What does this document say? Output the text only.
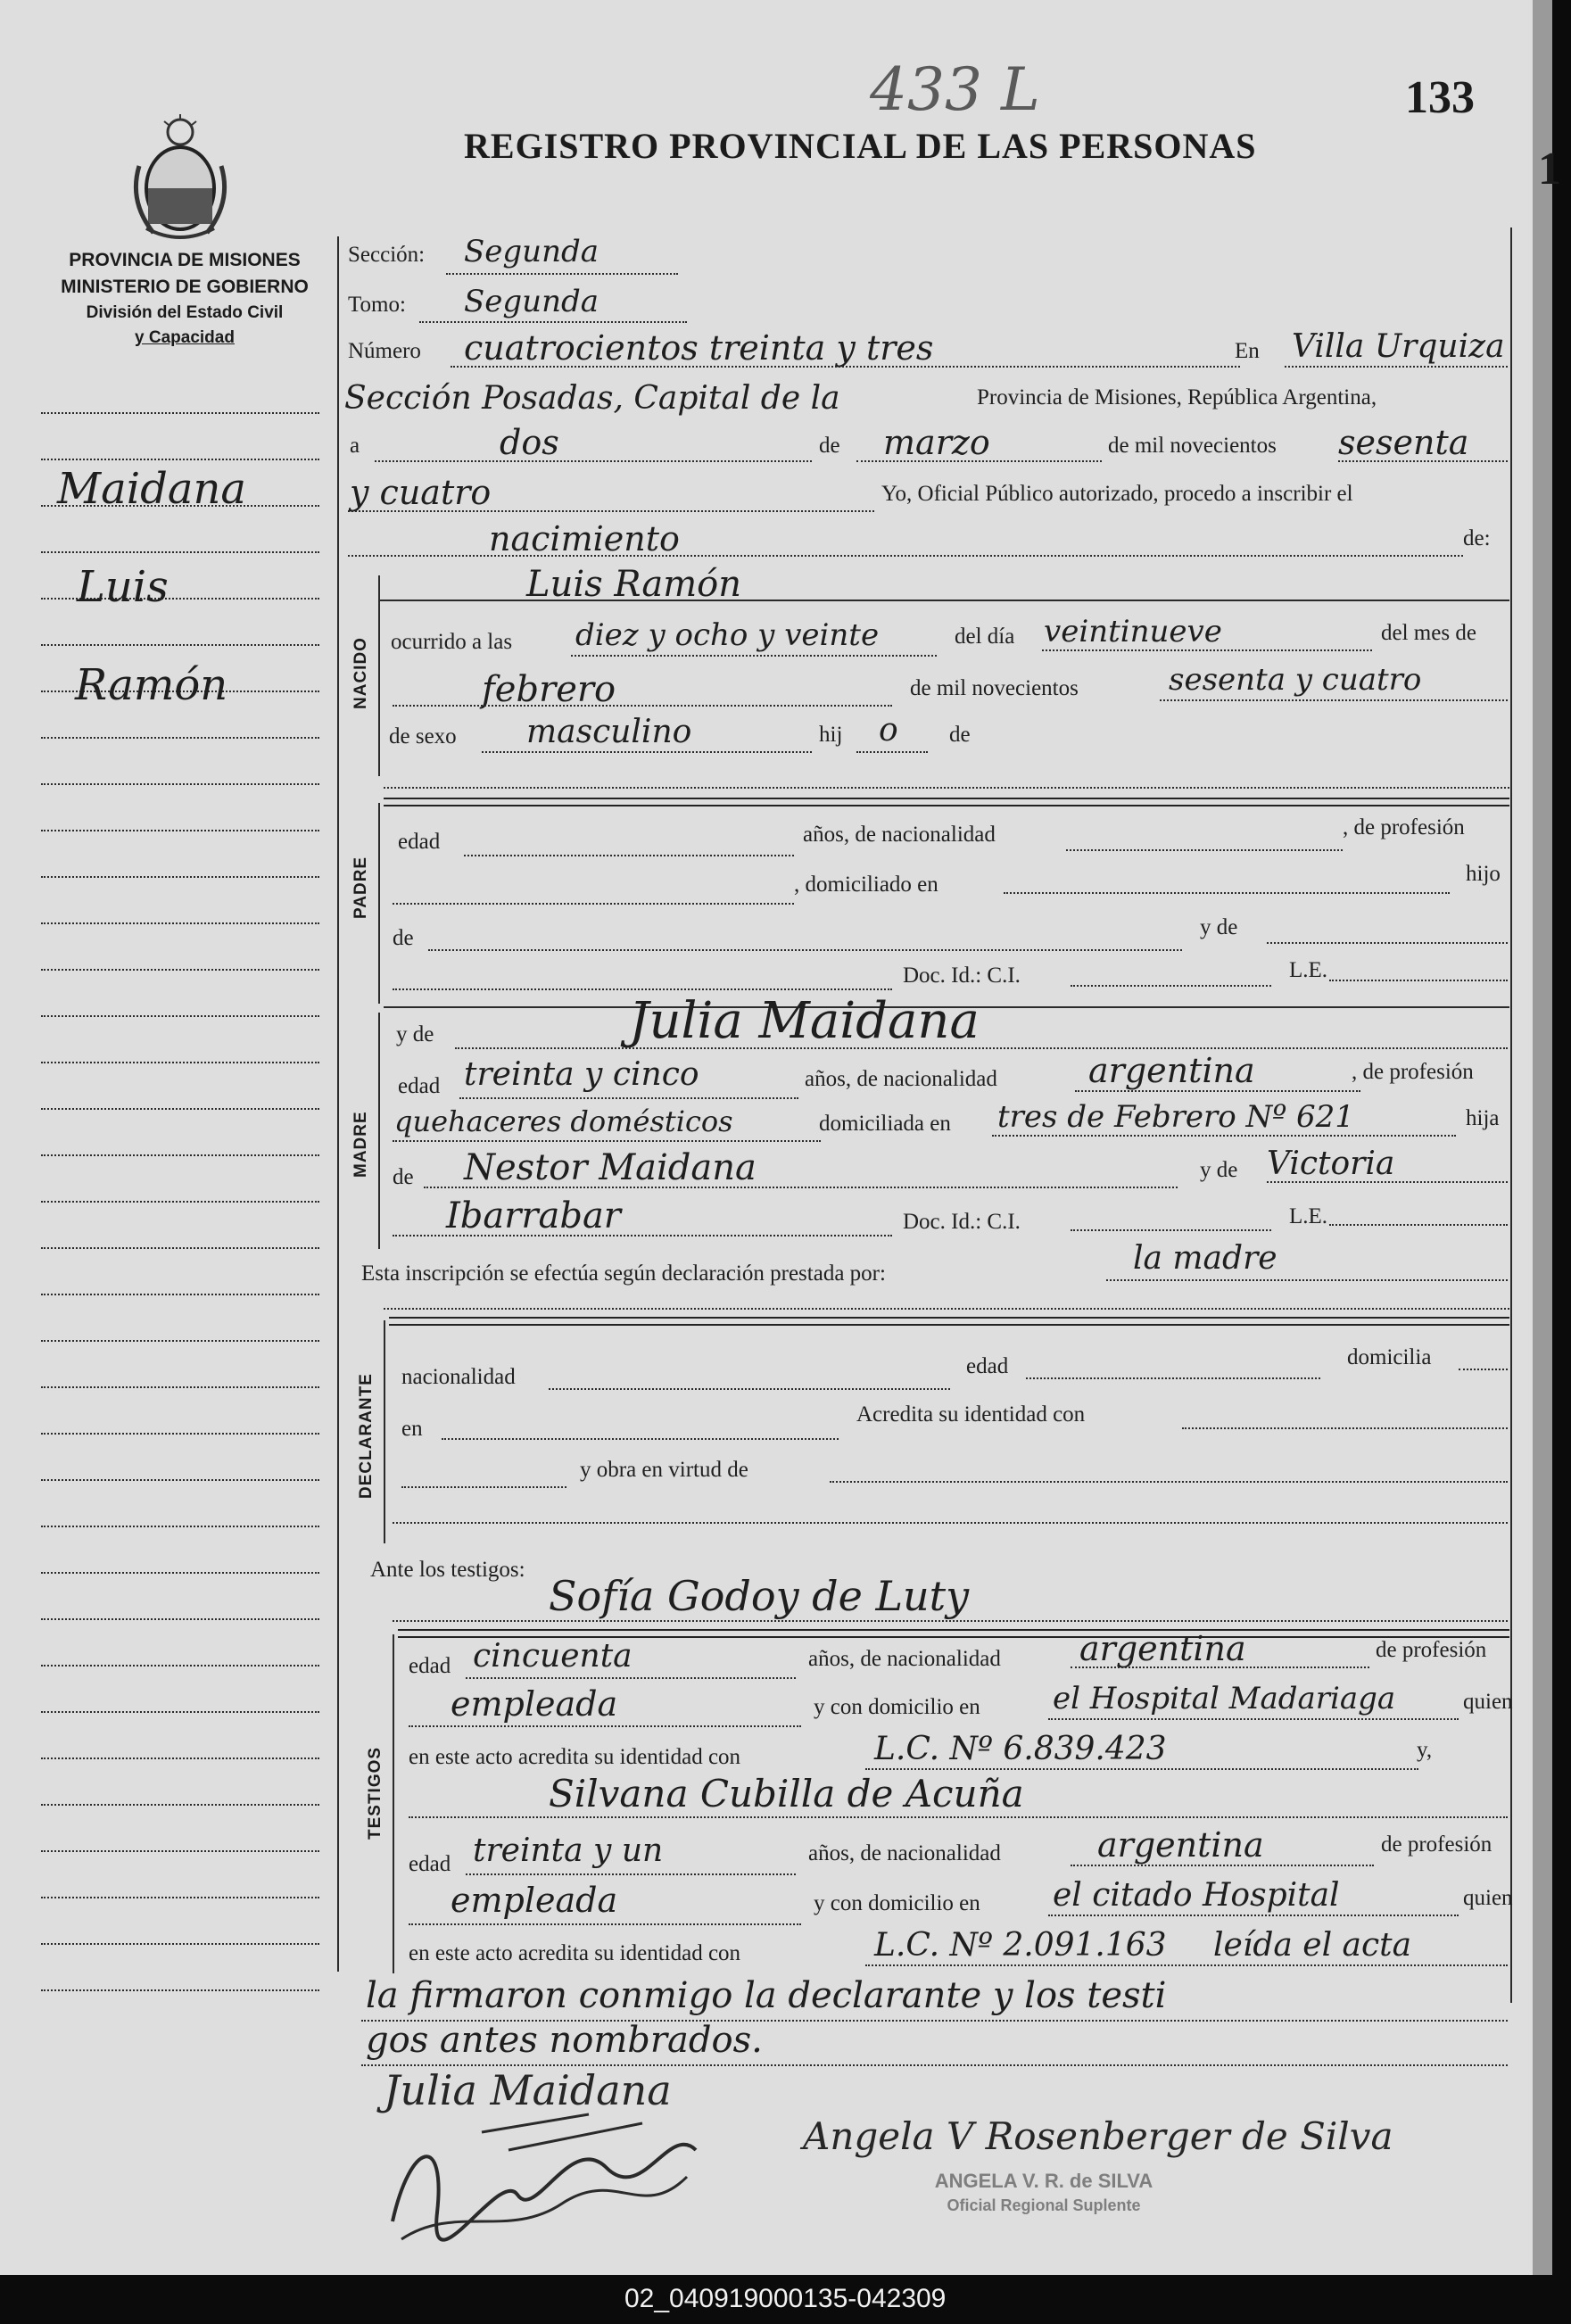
433 L	133
1
PROVINCIA DE MISIONES
MINISTERIO DE GOBIERNO
División del Estado Civil
y Capacidad
REGISTRO PROVINCIAL DE LAS PERSONAS
Maidana
Luis
Ramón
Sección: Segunda
Tomo: Segunda
Número cuatrocientos treinta y tres	En Villa Urquiza
Sección Posadas, Capital de la	Provincia de Misiones, República Argentina,
a	dos	de marzo	de mil novecientos sesenta
y cuatro	Yo, Oficial Público autorizado, procedo a inscribir el
nacimiento	de:
NACIDO
Luis Ramón
ocurrido a las diez y ocho y veinte	del día veintinueve	del mes de
febrero	de mil novecientos	sesenta y cuatro
de sexo masculino	hij o de
PADRE
edad	años, de nacionalidad	, de profesión
, domiciliado en	hijo
de	y de
Doc. Id.: C.I.	L.E.
MADRE
y de	Julia Maidana
edad treinta y cinco	años, de nacionalidad	argentina	, de profesión
quehaceres domésticos	domiciliada en tres de Febrero Nº 621	hija
de Nestor Maidana	y de Victoria
Ibarrabar	Doc. Id.: C.I.	L.E.
Esta inscripción se efectúa según declaración prestada por:	la madre
DECLARANTE nacionalidad	edad	domicilia
en
Acredita su identidad con
y obra en virtud de
Ante los testigos:
Sofía Godoy de Luty
TESTIGOS
edad cincuenta	años, de nacionalidad argentina	de profesión
empleada	y con domicilio en el Hospital Madariaga	quien
en este acto acredita su identidad con	L.C. Nº 6.839.423	y,
Silvana Cubilla de Acuña
edad treinta y un	años, de nacionalidad	argentina	de profesión
empleada	y con domicilio en el citado Hospital	quien
en este acto acredita su identidad con	L.C. Nº 2.091.163 leída el acta
la firmaron conmigo la declarante y los testi
gos antes nombrados.
Julia Maidana
Angela V Rosenberger de Silva
ANGELA V. R. de SILVA
Oficial Regional Suplente
02_040919000135-042309
